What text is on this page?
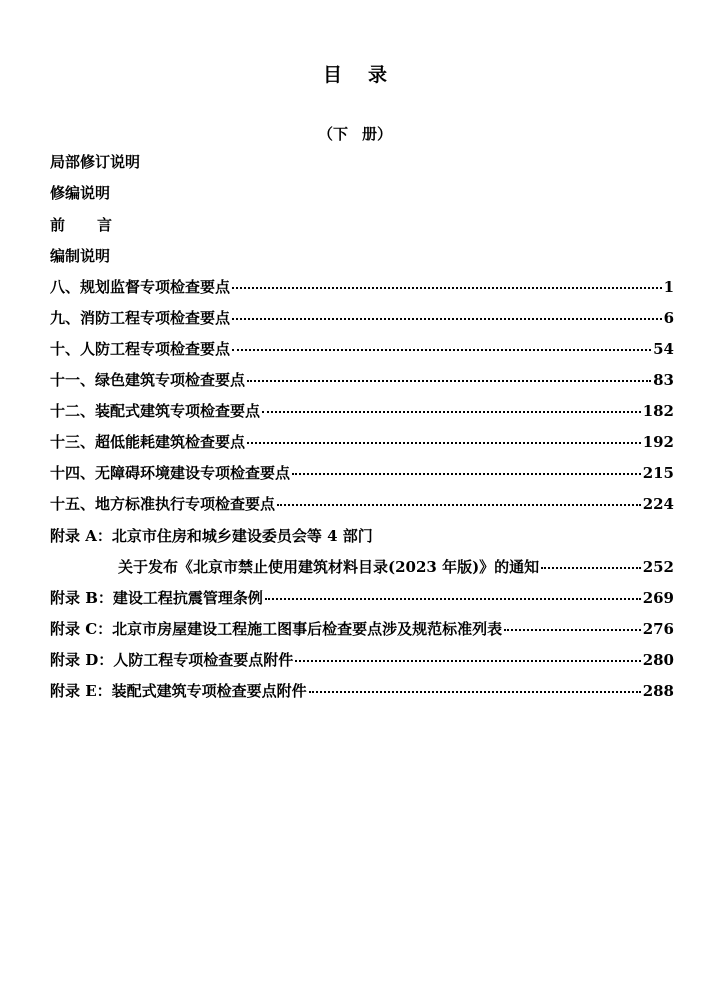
目 录
（下 册）
局部修订说明
修编说明
前 言
编制说明
八、规划监督专项检查要点	1
九、消防工程专项检查要点	6
十、人防工程专项检查要点	54
十一、绿色建筑专项检查要点	83
十二、装配式建筑专项检查要点	182
十三、超低能耗建筑检查要点	192
十四、无障碍环境建设专项检查要点	215
十五、地方标准执行专项检查要点	224
附录 A：北京市住房和城乡建设委员会等 4 部门
关于发布《北京市禁止使用建筑材料目录(2023 年版)》的通知	252
附录 B：建设工程抗震管理条例	269
附录 C：北京市房屋建设工程施工图事后检查要点涉及规范标准列表	276
附录 D：人防工程专项检查要点附件	280
附录 E：装配式建筑专项检查要点附件	288
